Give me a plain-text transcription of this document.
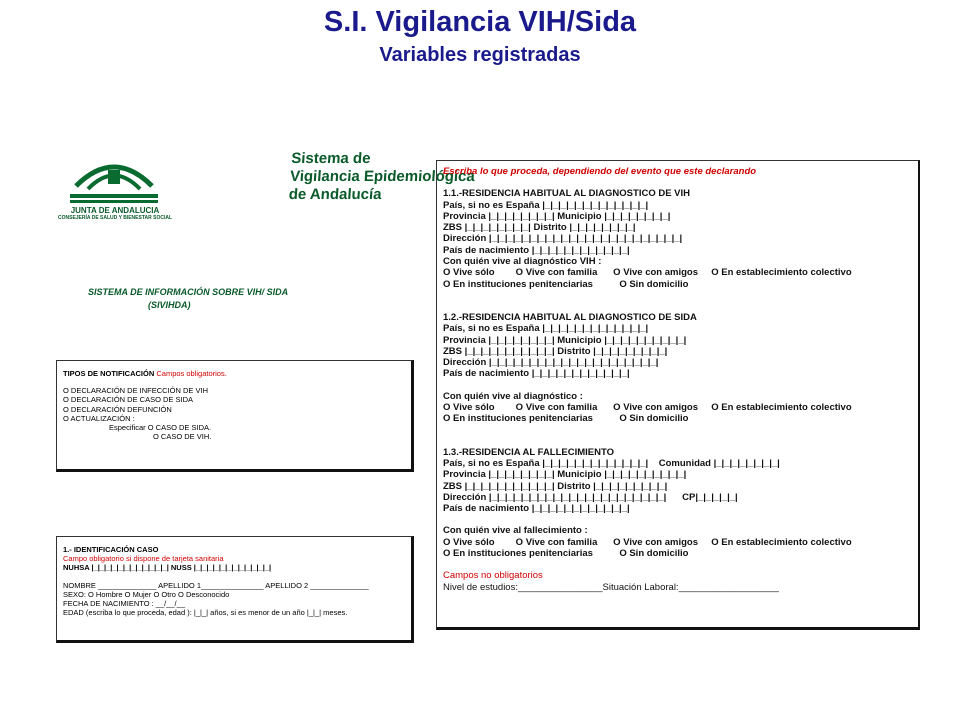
S.I. Vigilancia VIH/Sida
Variables registradas
JUNTA DE ANDALUCIA
CONSEJERÍA DE SALUD Y BIENESTAR SOCIAL
Sistema de
Vigilancia Epidemiológica
de Andalucía
SISTEMA DE INFORMACIÓN SOBRE VIH/ SIDA
(SIVIHDA)
TIPOS DE NOTIFICACIÓN Campos obligatorios.
O DECLARACIÓN DE INFECCIÓN DE VIH
O DECLARACIÓN DE CASO DE SIDA
O DECLARACIÓN DEFUNCIÓN
O ACTUALIZACIÓN :
Especificar O CASO DE SIDA.
O CASO DE VIH.
1.- IDENTIFICACIÓN CASO
Campo obligatorio si dispone de tarjeta sanitaria
NUHSA |_|_|_|_|_|_|_|_|_|_|_|_| NUSS |_|_|_|_|_|_|_|_|_|_|_|_|
NOMBRE ______________ APELLIDO 1_______________ APELLIDO 2 ______________
SEXO: O Hombre O Mujer O Otro O Desconocido
FECHA DE NACIMIENTO : __/__/__
EDAD (escriba lo que proceda, edad ): |_|_| años, si es menor de un año |_|_| meses.
Escriba lo que proceda, dependiendo del evento que este declarando
1.1.-RESIDENCIA HABITUAL AL DIAGNOSTICO DE VIH
País, si no es España |_|_|_|_|_|_|_|_|_|_|_|_|_|
Provincia |_|_|_|_|_|_|_|_| Municipio |_|_|_|_|_|_|_|_|
ZBS |_|_|_|_|_|_|_|_| Distrito |_|_|_|_|_|_|_|_|
Dirección |_|_|_|_|_|_|_|_|_|_|_|_|_|_|_|_|_|_|_|_|_|_|_|_|
País de nacimiento |_|_|_|_|_|_|_|_|_|_|_|_|
Con quién vive al diagnóstico VIH :
O Vive sólo        O Vive con familia      O Vive con amigos     O En establecimiento colectivo
O En instituciones penitenciarias          O Sin domicilio
1.2.-RESIDENCIA HABITUAL AL DIAGNOSTICO DE SIDA
País, si no es España |_|_|_|_|_|_|_|_|_|_|_|_|_|
Provincia |_|_|_|_|_|_|_|_| Municipio |_|_|_|_|_|_|_|_|_|_|
ZBS |_|_|_|_|_|_|_|_|_|_|_| Distrito |_|_|_|_|_|_|_|_|_|
Dirección |_|_|_|_|_|_|_|_|_|_|_|_|_|_|_|_|_|_|_|_|_|
País de nacimiento |_|_|_|_|_|_|_|_|_|_|_|_|
Con quién vive al diagnóstico :
O Vive sólo        O Vive con familia      O Vive con amigos     O En establecimiento colectivo
O En instituciones penitenciarias          O Sin domicilio
1.3.-RESIDENCIA AL FALLECIMIENTO
País, si no es España |_|_|_|_|_|_|_|_|_|_|_|_|_|    Comunidad |_|_|_|_|_|_|_|_|
Provincia |_|_|_|_|_|_|_|_| Municipio |_|_|_|_|_|_|_|_|_|_|
ZBS |_|_|_|_|_|_|_|_|_|_|_| Distrito |_|_|_|_|_|_|_|_|_|
Dirección |_|_|_|_|_|_|_|_|_|_|_|_|_|_|_|_|_|_|_|_|_|_|      CP|_|_|_|_|_|
País de nacimiento |_|_|_|_|_|_|_|_|_|_|_|_|
Con quién vive al fallecimiento :
O Vive sólo        O Vive con familia      O Vive con amigos     O En establecimiento colectivo
O En instituciones penitenciarias          O Sin domicilio
Campos no obligatorios
Nivel de estudios:________________Situación Laboral:___________________
